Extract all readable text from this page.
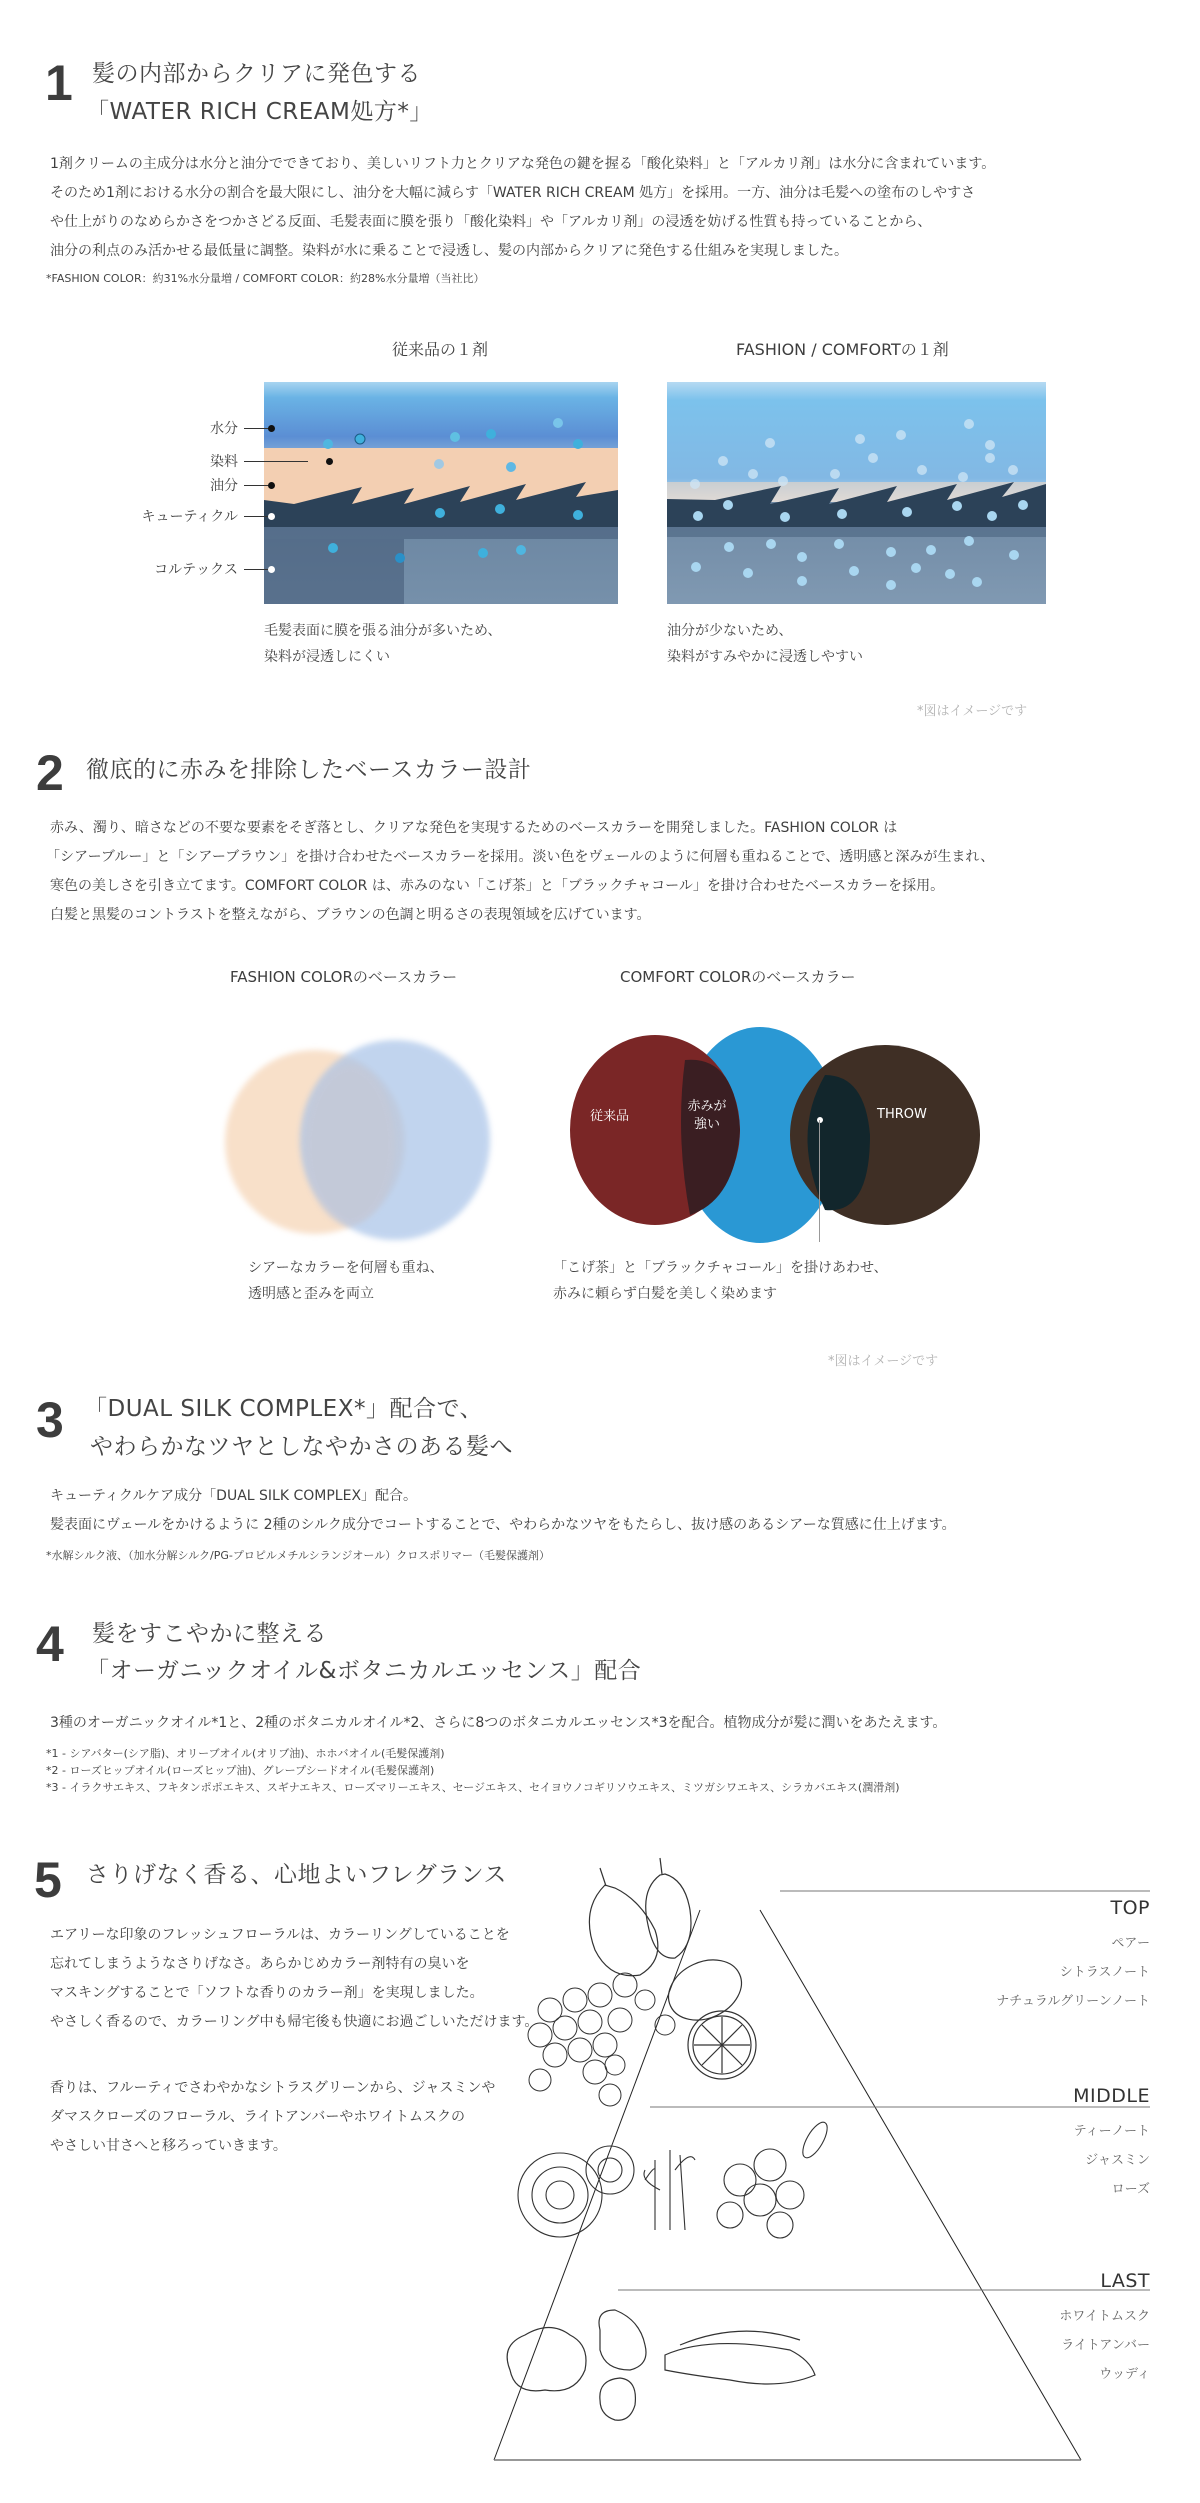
1 髪の内部からクリアに発色する
「WATER RICH CREAM処方*」
1剤クリームの主成分は水分と油分でできており、美しいリフト力とクリアな発色の鍵を握る「酸化染料」と「アルカリ剤」は水分に含まれています。
そのため1剤における水分の割合を最大限にし、油分を大幅に減らす「WATER RICH CREAM 処方」を採用。一方、油分は毛髪への塗布のしやすさ
や仕上がりのなめらかさをつかさどる反面、毛髪表面に膜を張り「酸化染料」や「アルカリ剤」の浸透を妨げる性質も持っていることから、
油分の利点のみ活かせる最低量に調整。染料が水に乗ることで浸透し、髪の内部からクリアに発色する仕組みを実現しました。
*FASHION COLOR：約31%水分量増 / COMFORT COLOR：約28%水分量増（当社比）
従来品の１剤	FASHION / COMFORTの１剤
水分
染料
油分
キューティクル
コルテックス
毛髪表面に膜を張る油分が多いため、
染料が浸透しにくい
油分が少ないため、
染料がすみやかに浸透しやすい
*図はイメージです
2 徹底的に赤みを排除したベースカラー設計
赤み、濁り、暗さなどの不要な要素をそぎ落とし、クリアな発色を実現するためのベースカラーを開発しました。FASHION COLOR は
「シアーブルー」と「シアーブラウン」を掛け合わせたベースカラーを採用。淡い色をヴェールのように何層も重ねることで、透明感と深みが生まれ、
寒色の美しさを引き立てます。COMFORT COLOR は、赤みのない「こげ茶」と「ブラックチャコール」を掛け合わせたベースカラーを採用。
白髪と黒髪のコントラストを整えながら、ブラウンの色調と明るさの表現領域を広げています。
FASHION COLORのベースカラー	COMFORT COLORのベースカラー
従来品
赤みが
強い
THROW
シアーなカラーを何層も重ね、
透明感と歪みを両立
「こげ茶」と「ブラックチャコール」を掛けあわせ、
赤みに頼らず白髪を美しく染めます
*図はイメージです
3 「DUAL SILK COMPLEX*」配合で、
やわらかなツヤとしなやかさのある髪へ
キューティクルケア成分「DUAL SILK COMPLEX」配合。
髪表面にヴェールをかけるように 2種のシルク成分でコートすることで、やわらかなツヤをもたらし、抜け感のあるシアーな質感に仕上げます。
*水解シルク液、（加水分解シルク/PG-プロピルメチルシランジオール）クロスポリマー（毛髪保護剤）
4 髪をすこやかに整える
「オーガニックオイル&ボタニカルエッセンス」配合
3種のオーガニックオイル*1と、2種のボタニカルオイル*2、さらに8つのボタニカルエッセンス*3を配合。植物成分が髪に潤いをあたえます。
*1 - シアバター(シア脂)、オリーブオイル(オリブ油)、ホホバオイル(毛髪保護剤)
*2 - ローズヒップオイル(ローズヒップ油)、グレープシードオイル(毛髪保護剤)
*3 - イラクサエキス、フキタンポポエキス、スギナエキス、ローズマリーエキス、セージエキス、セイヨウノコギリソウエキス、ミツガシワエキス、シラカバエキス(潤滑剤)
5 さりげなく香る、心地よいフレグランス
エアリーな印象のフレッシュフローラルは、カラーリングしていることを
忘れてしまうようなさりげなさ。あらかじめカラー剤特有の臭いを
マスキングすることで「ソフトな香りのカラー剤」を実現しました。
やさしく香るので、カラーリング中も帰宅後も快適にお過ごしいただけます。
香りは、フルーティでさわやかなシトラスグリーンから、ジャスミンや
ダマスクローズのフローラル、ライトアンバーやホワイトムスクの
やさしい甘さへと移ろっていきます。
TOP
ペアー
シトラスノート
ナチュラルグリーンノート
MIDDLE
ティーノート
ジャスミン
ローズ
LAST
ホワイトムスク
ライトアンバー
ウッディ
